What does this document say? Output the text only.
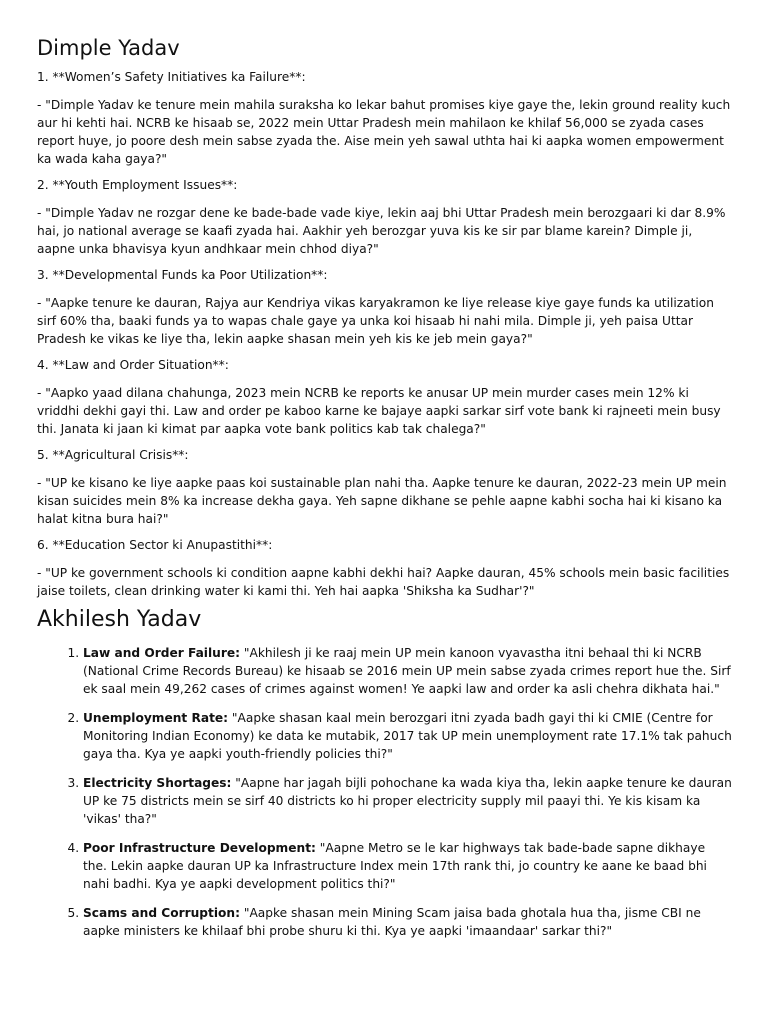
Dimple Yadav

1. **Women’s Safety Initiatives ka Failure**:

- "Dimple Yadav ke tenure mein mahila suraksha ko lekar bahut promises kiye gaye the, lekin ground reality kuch aur hi kehti hai. NCRB ke hisaab se, 2022 mein Uttar Pradesh mein mahilaon ke khilaf 56,000 se zyada cases report huye, jo poore desh mein sabse zyada the. Aise mein yeh sawal uthta hai ki aapka women empowerment ka wada kaha gaya?"

2. **Youth Employment Issues**:

- "Dimple Yadav ne rozgar dene ke bade-bade vade kiye, lekin aaj bhi Uttar Pradesh mein berozgaari ki dar 8.9% hai, jo national average se kaafi zyada hai. Aakhir yeh berozgar yuva kis ke sir par blame karein? Dimple ji, aapne unka bhavisya kyun andhkaar mein chhod diya?"

3. **Developmental Funds ka Poor Utilization**:

- "Aapke tenure ke dauran, Rajya aur Kendriya vikas karyakramon ke liye release kiye gaye funds ka utilization sirf 60% tha, baaki funds ya to wapas chale gaye ya unka koi hisaab hi nahi mila. Dimple ji, yeh paisa Uttar Pradesh ke vikas ke liye tha, lekin aapke shasan mein yeh kis ke jeb mein gaya?"

4. **Law and Order Situation**:

- "Aapko yaad dilana chahunga, 2023 mein NCRB ke reports ke anusar UP mein murder cases mein 12% ki vriddhi dekhi gayi thi. Law and order pe kaboo karne ke bajaye aapki sarkar sirf vote bank ki rajneeti mein busy thi. Janata ki jaan ki kimat par aapka vote bank politics kab tak chalega?"

5. **Agricultural Crisis**:

- "UP ke kisano ke liye aapke paas koi sustainable plan nahi tha. Aapke tenure ke dauran, 2022-23 mein UP mein kisan suicides mein 8% ka increase dekha gaya. Yeh sapne dikhane se pehle aapne kabhi socha hai ki kisano ka halat kitna bura hai?"

6. **Education Sector ki Anupastithi**:

- "UP ke government schools ki condition aapne kabhi dekhi hai? Aapke dauran, 45% schools mein basic facilities jaise toilets, clean drinking water ki kami thi. Yeh hai aapka 'Shiksha ka Sudhar'?"

Akhilesh Yadav
1. Law and Order Failure: "Akhilesh ji ke raaj mein UP mein kanoon vyavastha itni behaal thi ki NCRB (National Crime Records Bureau) ke hisaab se 2016 mein UP mein sabse zyada crimes report hue the. Sirf ek saal mein 49,262 cases of crimes against women! Ye aapki law and order ka asli chehra dikhata hai."
2. Unemployment Rate: "Aapke shasan kaal mein berozgari itni zyada badh gayi thi ki CMIE (Centre for Monitoring Indian Economy) ke data ke mutabik, 2017 tak UP mein unemployment rate 17.1% tak pahuch gaya tha. Kya ye aapki youth-friendly policies thi?"
3. Electricity Shortages: "Aapne har jagah bijli pohochane ka wada kiya tha, lekin aapke tenure ke dauran UP ke 75 districts mein se sirf 40 districts ko hi proper electricity supply mil paayi thi. Ye kis kisam ka 'vikas' tha?"
4. Poor Infrastructure Development: "Aapne Metro se le kar highways tak bade-bade sapne dikhaye the. Lekin aapke dauran UP ka Infrastructure Index mein 17th rank thi, jo country ke aane ke baad bhi nahi badhi. Kya ye aapki development politics thi?"
5. Scams and Corruption: "Aapke shasan mein Mining Scam jaisa bada ghotala hua tha, jisme CBI ne aapke ministers ke khilaaf bhi probe shuru ki thi. Kya ye aapki 'imaandaar' sarkar thi?"
